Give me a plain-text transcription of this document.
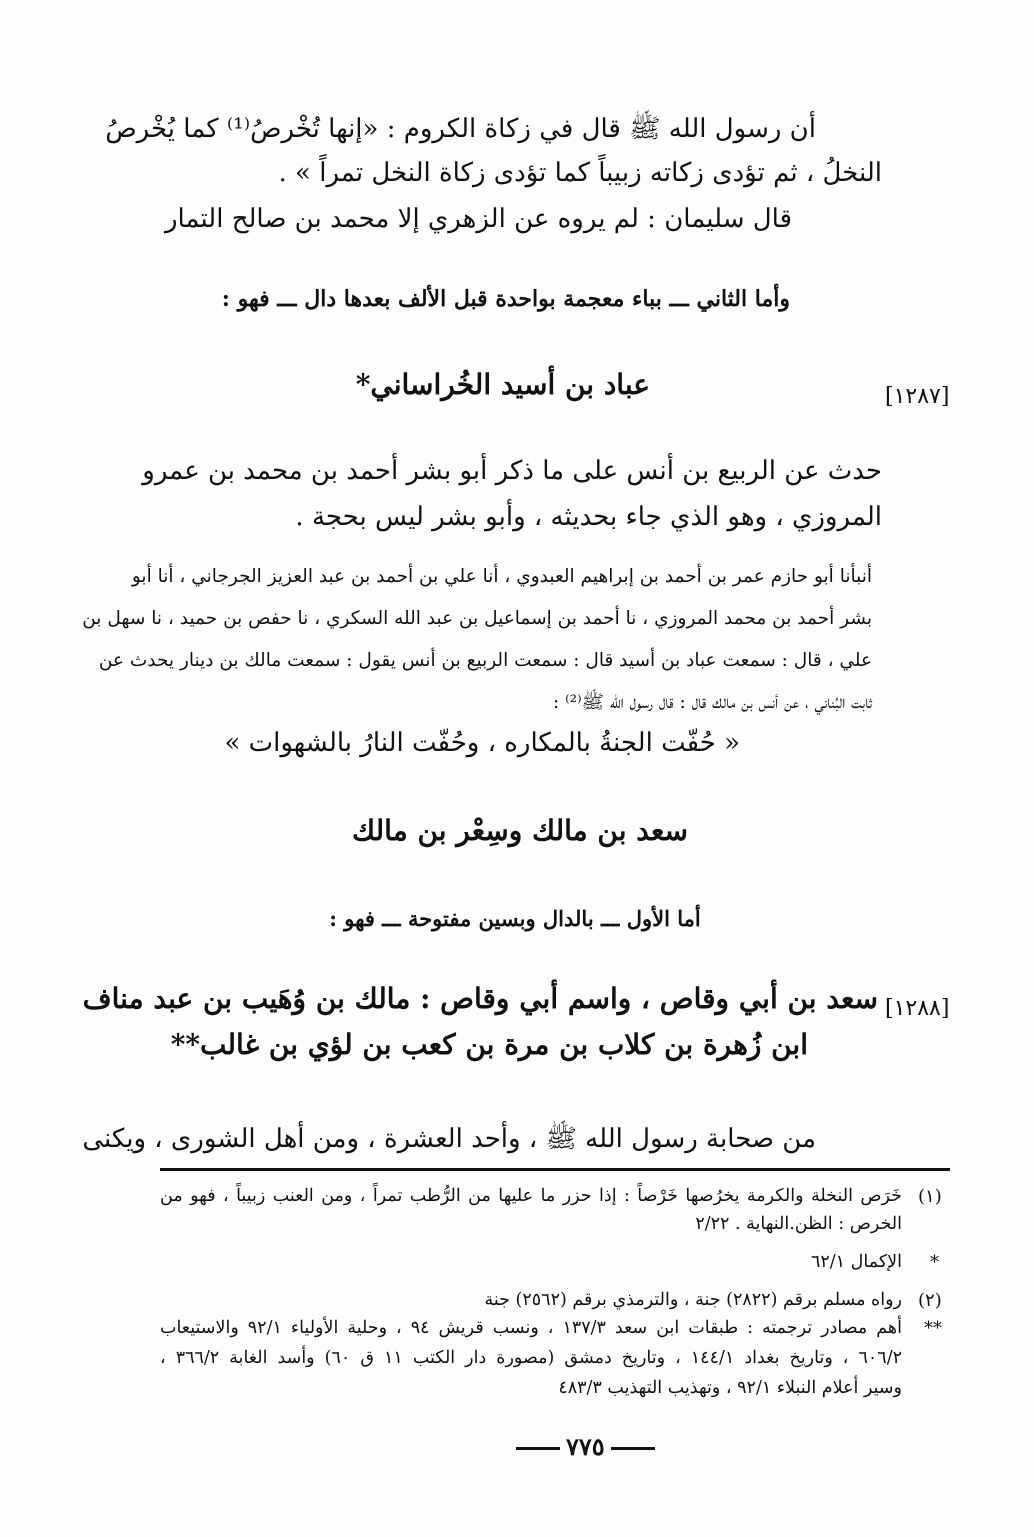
أن رسول الله ﷺ قال في زكاة الكروم : «إنها تُخْرصُ⁽¹⁾ كما يُخْرصُ
النخلُ ، ثم تؤدى زكاته زبيباً كما تؤدى زكاة النخل تمراً » .
قال سليمان : لم يروه عن الزهري إلا محمد بن صالح التمار
وأما الثاني ـــ بباء معجمة بواحدة قبل الألف بعدها دال ـــ فهو :
[١٢٨٧]
عباد بن أسيد الخُراساني*
حدث عن الربيع بن أنس على ما ذكر أبو بشر أحمد بن محمد بن عمرو
المروزي ، وهو الذي جاء بحديثه ، وأبو بشر ليس بحجة .
أنبأنا أبو حازم عمر بن أحمد بن إبراهيم العبدوي ، أنا علي بن أحمد بن عبد العزيز الجرجاني ، أنا أبو
بشر أحمد بن محمد المروزي ، نا أحمد بن إسماعيل بن عبد الله السكري ، نا حفص بن حميد ، نا سهل بن
علي ، قال : سمعت عباد بن أسيد قال : سمعت الربيع بن أنس يقول : سمعت مالك بن دينار يحدث عن
ثابت البُناني ، عن أنس بن مالك قال : قال رسول الله ﷺ⁽²⁾ :
« حُفّت الجنةُ بالمكاره ، وحُفّت النارُ بالشهوات »
سعد بن مالك وسِعْر بن مالك
أما الأول ـــ بالدال وبسين مفتوحة ـــ فهو :
[١٢٨٨]
سعد بن أبي وقاص ، واسم أبي وقاص : مالك بن وُهَيب بن عبد مناف
ابن زُهرة بن كلاب بن مرة بن كعب بن لؤي بن غالب**
من صحابة رسول الله ﷺ ، وأحد العشرة ، ومن أهل الشورى ، ويكنى
(١)
خَرَص النخلة والكرمة يخرُصها خَرْصاً : إذا حزر ما عليها من الرُّطب تمراً ، ومن العنب زبيباً ، فهو من
الخرص : الظن.النهاية . ٢/٢٢
*
الإكمال ٦٢/١
(٢)
رواه مسلم برقم (٢٨٢٢) جنة ، والترمذي برقم (٢٥٦٢) جنة
**
أهم مصادر ترجمته : طبقات ابن سعد ١٣٧/٣ ، ونسب قريش ٩٤ ، وحلية الأولياء ٩٢/١ والاستيعاب
٦٠٦/٢ ، وتاريخ بغداد ١٤٤/١ ، وتاريخ دمشق (مصورة دار الكتب ١١ ق ٦٠) وأسد الغابة ٣٦٦/٢ ،
وسير أعلام النبلاء ٩٢/١ ، وتهذيب التهذيب ٤٨٣/٣
٧٧٥
